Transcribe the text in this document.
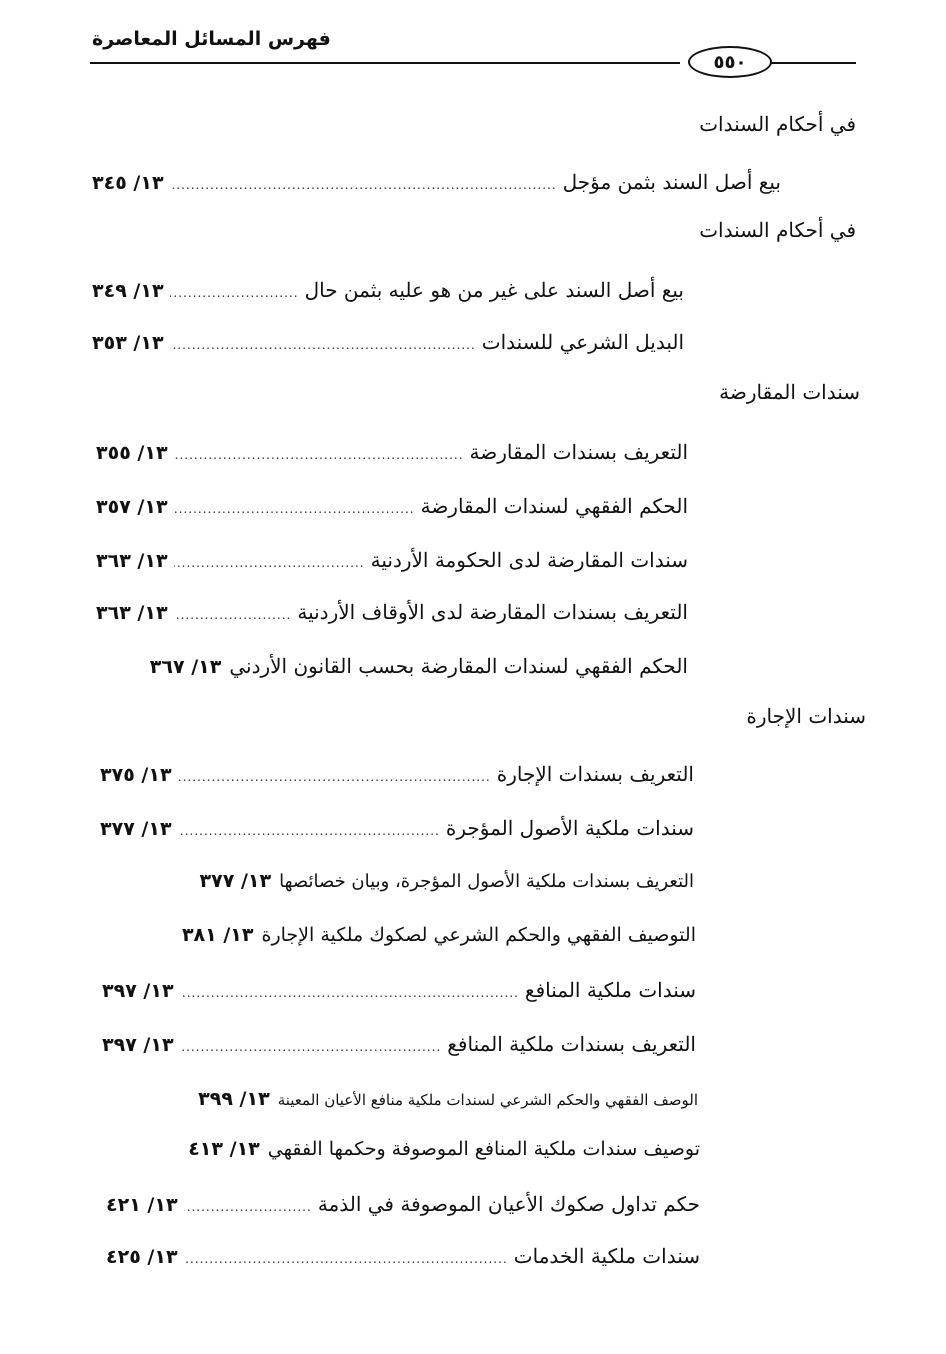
فهرس المسائل المعاصرة
٥٥٠
في أحكام السندات
بيع أصل السند بثمن مؤجل
.....
١٣/ ٣٤٥
في أحكام السندات
بيع أصل السند على غير من هو عليه بثمن حال
.....
١٣/ ٣٤٩
البديل الشرعي للسندات
.....
١٣/ ٣٥٣
سندات المقارضة
التعريف بسندات المقارضة
.....
١٣/ ٣٥٥
الحكم الفقهي لسندات المقارضة
.....
١٣/ ٣٥٧
سندات المقارضة لدى الحكومة الأردنية
.....
١٣/ ٣٦٣
التعريف بسندات المقارضة لدى الأوقاف الأردنية
.....
١٣/ ٣٦٣
الحكم الفقهي لسندات المقارضة بحسب القانون الأردني
١٣/ ٣٦٧
سندات الإجارة
التعريف بسندات الإجارة
.....
١٣/ ٣٧٥
سندات ملكية الأصول المؤجرة
.....
١٣/ ٣٧٧
التعريف بسندات ملكية الأصول المؤجرة، وبيان خصائصها
١٣/ ٣٧٧
التوصيف الفقهي والحكم الشرعي لصكوك ملكية الإجارة
١٣/ ٣٨١
سندات ملكية المنافع
.....
١٣/ ٣٩٧
التعريف بسندات ملكية المنافع
.....
١٣/ ٣٩٧
الوصف الفقهي والحكم الشرعي لسندات ملكية منافع الأعيان المعينة
١٣/ ٣٩٩
توصيف سندات ملكية المنافع الموصوفة وحكمها الفقهي
١٣/ ٤١٣
حكم تداول صكوك الأعيان الموصوفة في الذمة
.....
١٣/ ٤٢١
سندات ملكية الخدمات
.....
١٣/ ٤٢٥
